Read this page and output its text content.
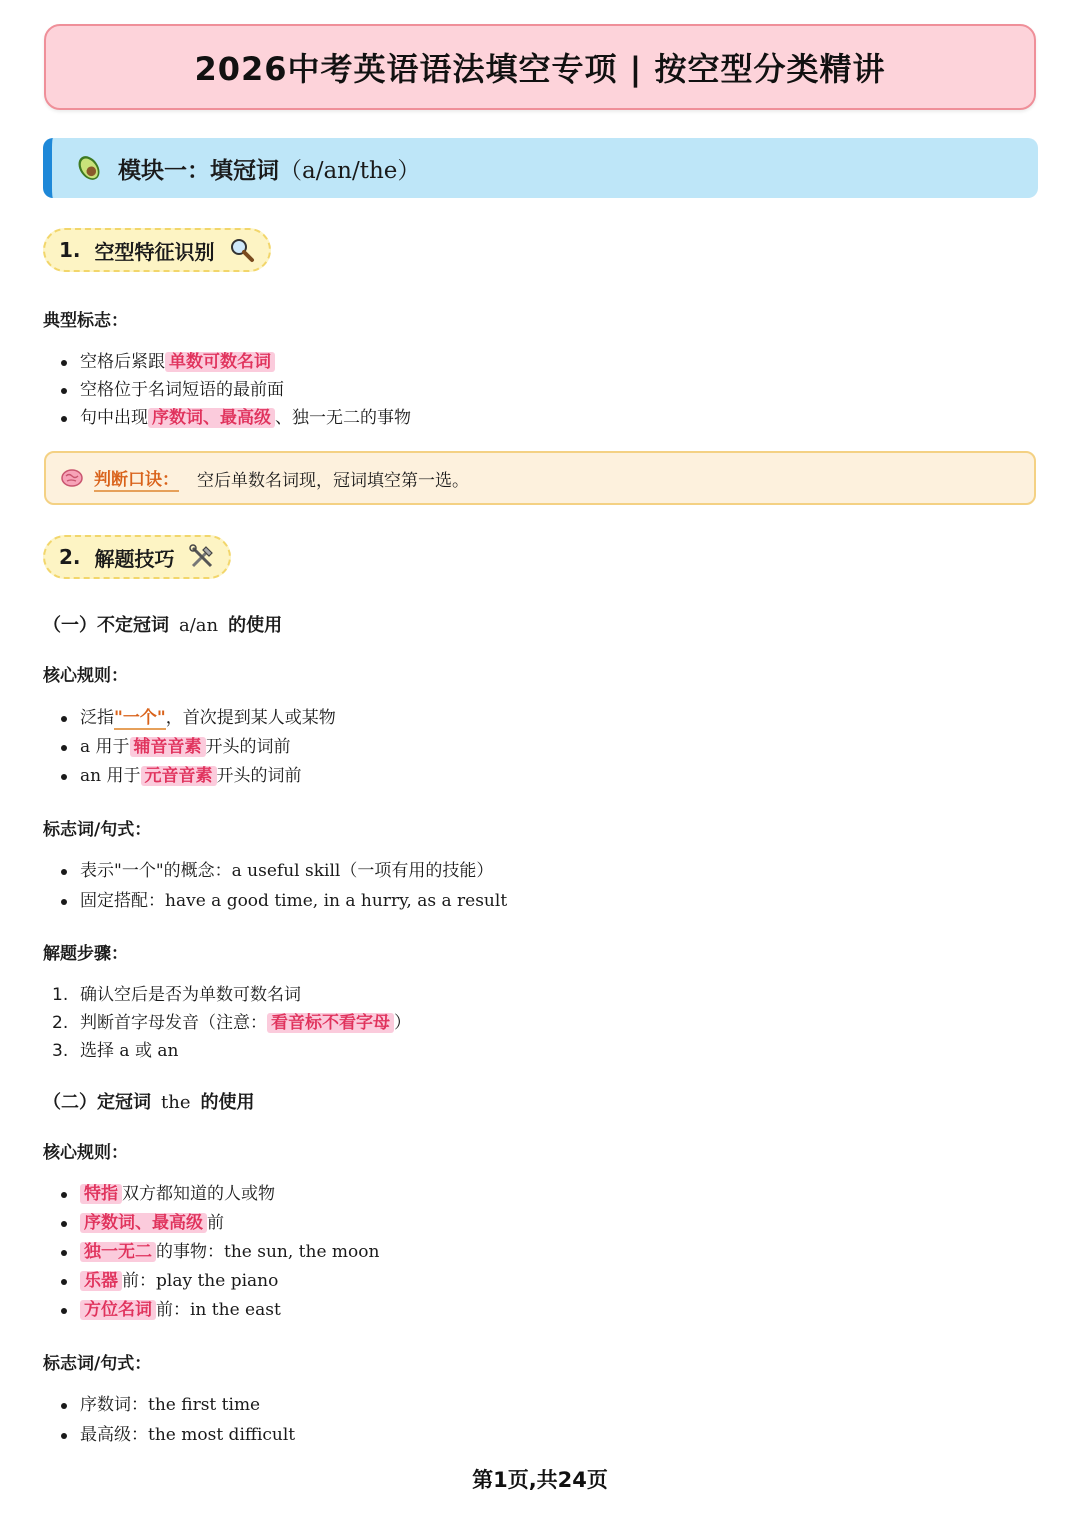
2026中考英语语法填空专项 | 按空型分类精讲
模块一：填冠词 （a/an/the）
1. 空型特征识别
典型标志：
空格后紧跟 单数可数名词
空格位于名词短语的最前面
句中出现 序数词、最高级 、独一无二的事物
判断口诀： 空后单数名词现，冠词填空第一选。
2. 解题技巧
（一）不定冠词 a/an 的使用
核心规则：
泛指"一个"，首次提到某人或某物
a 用于 辅音音素 开头的词前
an 用于 元音音素 开头的词前
标志词/句式：
表示"一个"的概念：a useful skill（一项有用的技能）
固定搭配：have a good time, in a hurry, as a result
解题步骤：
1. 确认空后是否为单数可数名词
2. 判断首字母发音（注意： 看音标不看字母 ）
3. 选择 a 或 an
（二）定冠词 the 的使用
核心规则：
特指 双方都知道的人或物
序数词、最高级 前
独一无二 的事物：the sun, the moon
乐器 前：play the piano
方位名词 前：in the east
标志词/句式：
序数词：the first time
最高级：the most difficult
第1页,共24页
